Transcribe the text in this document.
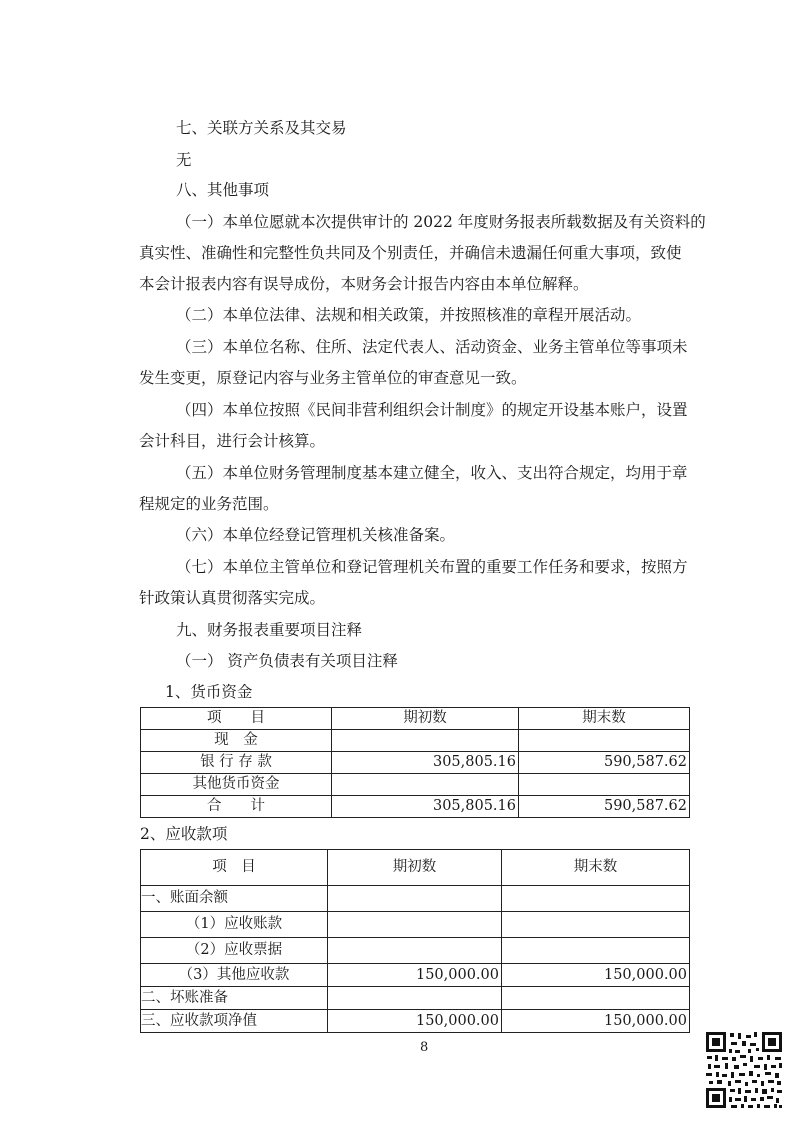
七、关联方关系及其交易
无
八、其他事项
（一）本单位愿就本次提供审计的 2022 年度财务报表所载数据及有关资料的
真实性、准确性和完整性负共同及个别责任，并确信未遗漏任何重大事项，致使
本会计报表内容有误导成份，本财务会计报告内容由本单位解释。
（二）本单位法律、法规和相关政策，并按照核准的章程开展活动。
（三）本单位名称、住所、法定代表人、活动资金、业务主管单位等事项未
发生变更，原登记内容与业务主管单位的审查意见一致。
（四）本单位按照《民间非营利组织会计制度》的规定开设基本账户，设置
会计科目，进行会计核算。
（五）本单位财务管理制度基本建立健全，收入、支出符合规定，均用于章
程规定的业务范围。
（六）本单位经登记管理机关核准备案。
（七）本单位主管单位和登记管理机关布置的重要工作任务和要求，按照方
针政策认真贯彻落实完成。
九、财务报表重要项目注释
（一） 资产负债表有关项目注释
1、货币资金
项　　目	期初数	期末数
现　金		
银 行 存 款	305,805.16	590,587.62
其他货币资金		
合　　计	305,805.16	590,587.62
2、应收款项
项　目	期初数	期末数
一、账面余额		
（1）应收账款		
（2）应收票据		
（3）其他应收款	150,000.00	150,000.00
二、坏账准备		
三、应收款项净值	150,000.00	150,000.00
8
